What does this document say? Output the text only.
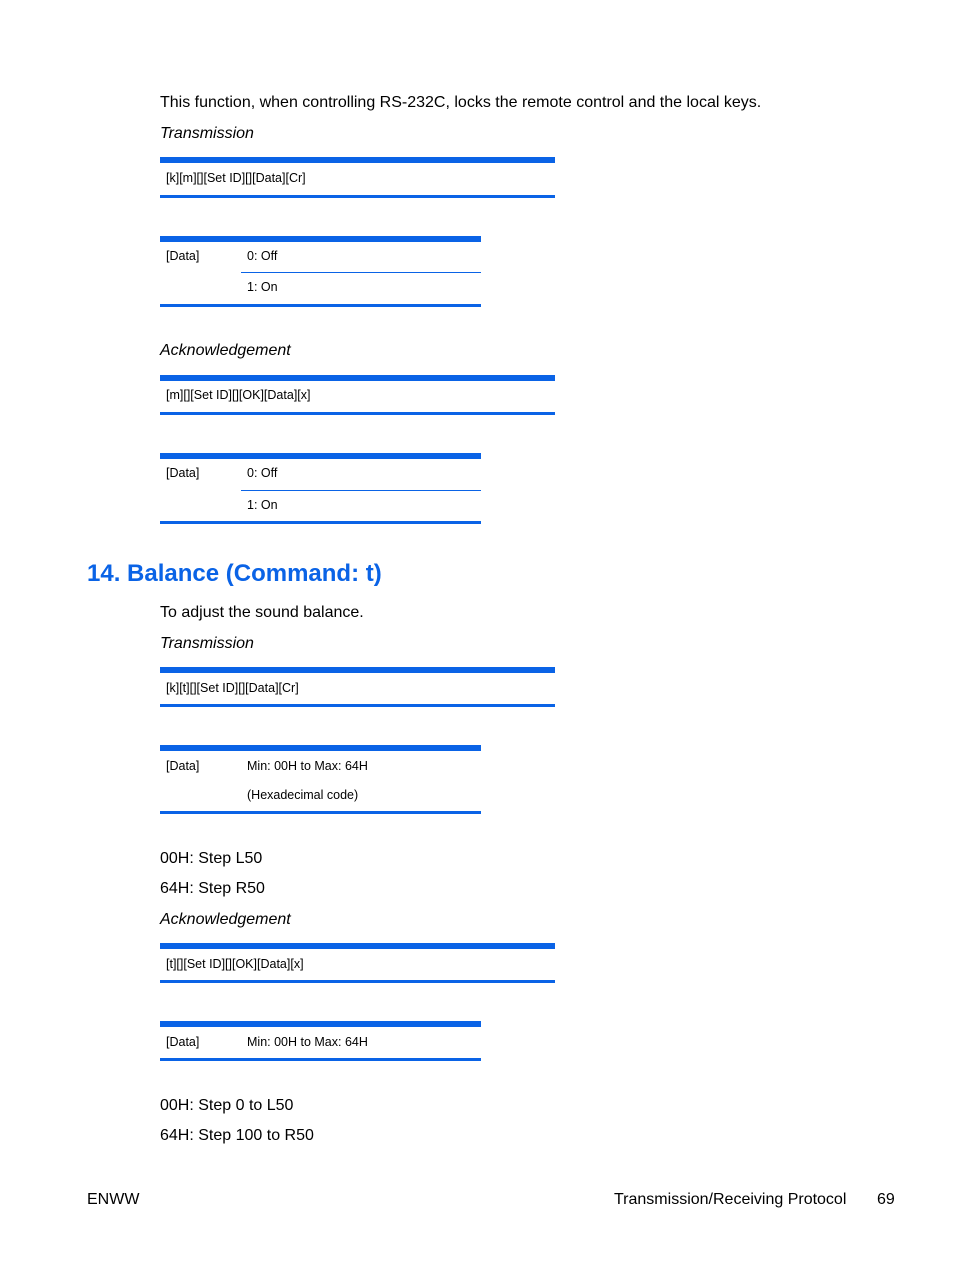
This function, when controlling RS-232C, locks the remote control and the local keys.
Transmission
[k][m][][Set ID][][Data][Cr]
[Data]	0: Off
1: On
Acknowledgement
[m][][Set ID][][OK][Data][x]
[Data]	0: Off
1: On
14. Balance (Command: t)
To adjust the sound balance.
Transmission
[k][t][][Set ID][][Data][Cr]
[Data]	Min: 00H to Max: 64H
(Hexadecimal code)
00H: Step L50
64H: Step R50
Acknowledgement
[t][][Set ID][][OK][Data][x]
[Data]	Min: 00H to Max: 64H
00H: Step 0 to L50
64H: Step 100 to R50
ENWW	Transmission/Receiving Protocol 69
